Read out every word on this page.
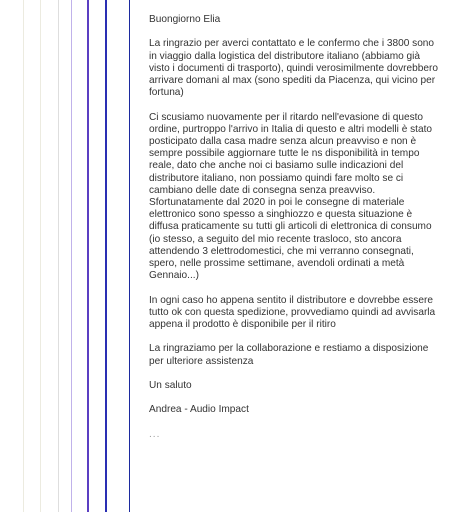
Buongiorno Elia

La ringrazio per averci contattato e le confermo che i 3800 sono in viaggio dalla logistica del distributore italiano (abbiamo già visto i documenti di trasporto), quindi verosimilmente dovrebbero arrivare domani al max (sono spediti da Piacenza, qui vicino per fortuna)

Ci scusiamo nuovamente per il ritardo nell'evasione di questo ordine, purtroppo l'arrivo in Italia di questo e altri modelli è stato posticipato dalla casa madre senza alcun preavviso e non è sempre possibile aggiornare tutte le ns disponibilità in tempo reale, dato che anche noi ci basiamo sulle indicazioni del distributore italiano, non possiamo quindi fare molto se ci cambiano delle date di consegna senza preavviso. Sfortunatamente dal 2020 in poi le consegne di materiale elettronico sono spesso a singhiozzo e questa situazione è diffusa praticamente su tutti gli articoli di elettronica di consumo (io stesso, a seguito del mio recente trasloco, sto ancora attendendo 3 elettrodomestici, che mi verranno consegnati, spero, nelle prossime settimane, avendoli ordinati a metà Gennaio...)

In ogni caso ho appena sentito il distributore e dovrebbe essere tutto ok con questa spedizione, provvediamo quindi ad avvisarla appena il prodotto è disponibile per il ritiro

La ringraziamo per la collaborazione e restiamo a disposizione per ulteriore assistenza

Un saluto

Andrea - Audio Impact

...
